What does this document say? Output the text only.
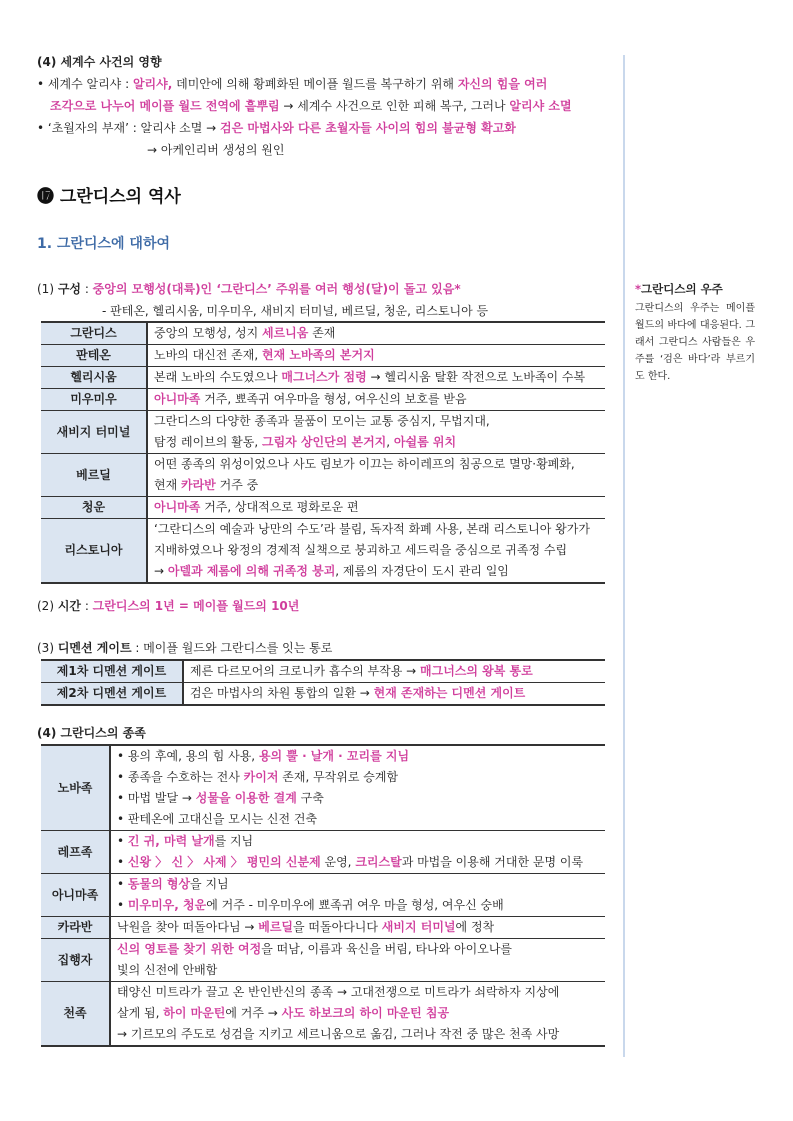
(4) 세계수 사건의 영향
• 세계수 알리샤 : 알리샤, 데미안에 의해 황폐화된 메이플 월드를 복구하기 위해 자신의 힘을 여러
조각으로 나누어 메이플 월드 전역에 흩뿌림 → 세계수 사건으로 인한 피해 복구, 그러나 알리샤 소멸
• ‘초월자의 부재’ : 알리샤 소멸 → 검은 마법사와 다른 초월자들 사이의 힘의 불균형 확고화
→ 아케인리버 생성의 원인
⓱ 그란디스의 역사
1. 그란디스에 대하여
(1) 구성 : 중앙의 모행성(대륙)인 ‘그란디스’ 주위를 여러 행성(달)이 돌고 있음*
- 판테온, 헬리시움, 미우미우, 새비지 터미널, 베르딜, 청운, 리스토니아 등
그란디스	중앙의 모행성, 성지 세르니움 존재

판테온	노바의 대신전 존재, 현재 노바족의 본거지

헬리시움	본래 노바의 수도였으나 매그너스가 점령 → 헬리시움 탈환 작전으로 노바족이 수복

미우미우	아니마족 거주, 뾰족귀 여우마을 형성, 여우신의 보호를 받음

새비지 터미널	그란디스의 다양한 종족과 물품이 모이는 교통 중심지, 무법지대,
탐정 레이브의 활동, 그림자 상인단의 본거지, 아쉴롬 위치

베르딜	어떤 종족의 위성이었으나 사도 림보가 이끄는 하이레프의 침공으로 멸망·황폐화,
현재 카라반 거주 중

청운	아니마족 거주, 상대적으로 평화로운 편

리스토니아	‘그란디스의 예술과 낭만의 수도’라 불림, 독자적 화폐 사용, 본래 리스토니아 왕가가
지배하였으나 왕정의 경제적 실책으로 붕괴하고 세드릭을 중심으로 귀족정 수립
→ 아델과 제롬에 의해 귀족정 붕괴, 제롬의 자경단이 도시 관리 일임
(2) 시간 : 그란디스의 1년 = 메이플 월드의 10년
(3) 디멘션 게이트 : 메이플 월드와 그란디스를 잇는 통로
제1차 디멘션 게이트	제른 다르모어의 크로니카 흡수의 부작용 → 매그너스의 왕복 통로

제2차 디멘션 게이트	검은 마법사의 차원 통합의 일환 → 현재 존재하는 디멘션 게이트
(4) 그란디스의 종족
노바족	• 용의 후예, 용의 힘 사용, 용의 뿔 · 날개 · 꼬리를 지님
• 종족을 수호하는 전사 카이저 존재, 무작위로 승계함
• 마법 발달 → 성물을 이용한 결계 구축
• 판테온에 고대신을 모시는 신전 건축

레프족	• 긴 귀, 마력 날개를 지님
• 신왕 〉 신 〉 사제 〉 평민의 신분제 운영, 크리스탈과 마법을 이용해 거대한 문명 이룩

아니마족	• 동물의 형상을 지님
• 미우미우, 청운에 거주 - 미우미우에 뾰족귀 여우 마을 형성, 여우신 숭배

카라반	낙원을 찾아 떠돌아다님 → 베르딜을 떠돌아다니다 새비지 터미널에 정착

집행자	신의 영토를 찾기 위한 여정을 떠남, 이름과 육신을 버림, 타나와 아이오나를
빛의 신전에 안배함

천족	태양신 미트라가 끌고 온 반인반신의 종족 → 고대전쟁으로 미트라가 쇠락하자 지상에
살게 됨, 하이 마운틴에 거주 → 사도 하보크의 하이 마운틴 침공
→ 기르모의 주도로 성검을 지키고 세르니움으로 옮김, 그러나 작전 중 많은 천족 사망
*그란디스의 우주
그란디스의 우주는 메이플 월드의 바다에 대응된다. 그래서 그란디스 사람들은 우주를 ‘검은 바다’라 부르기도 한다.
